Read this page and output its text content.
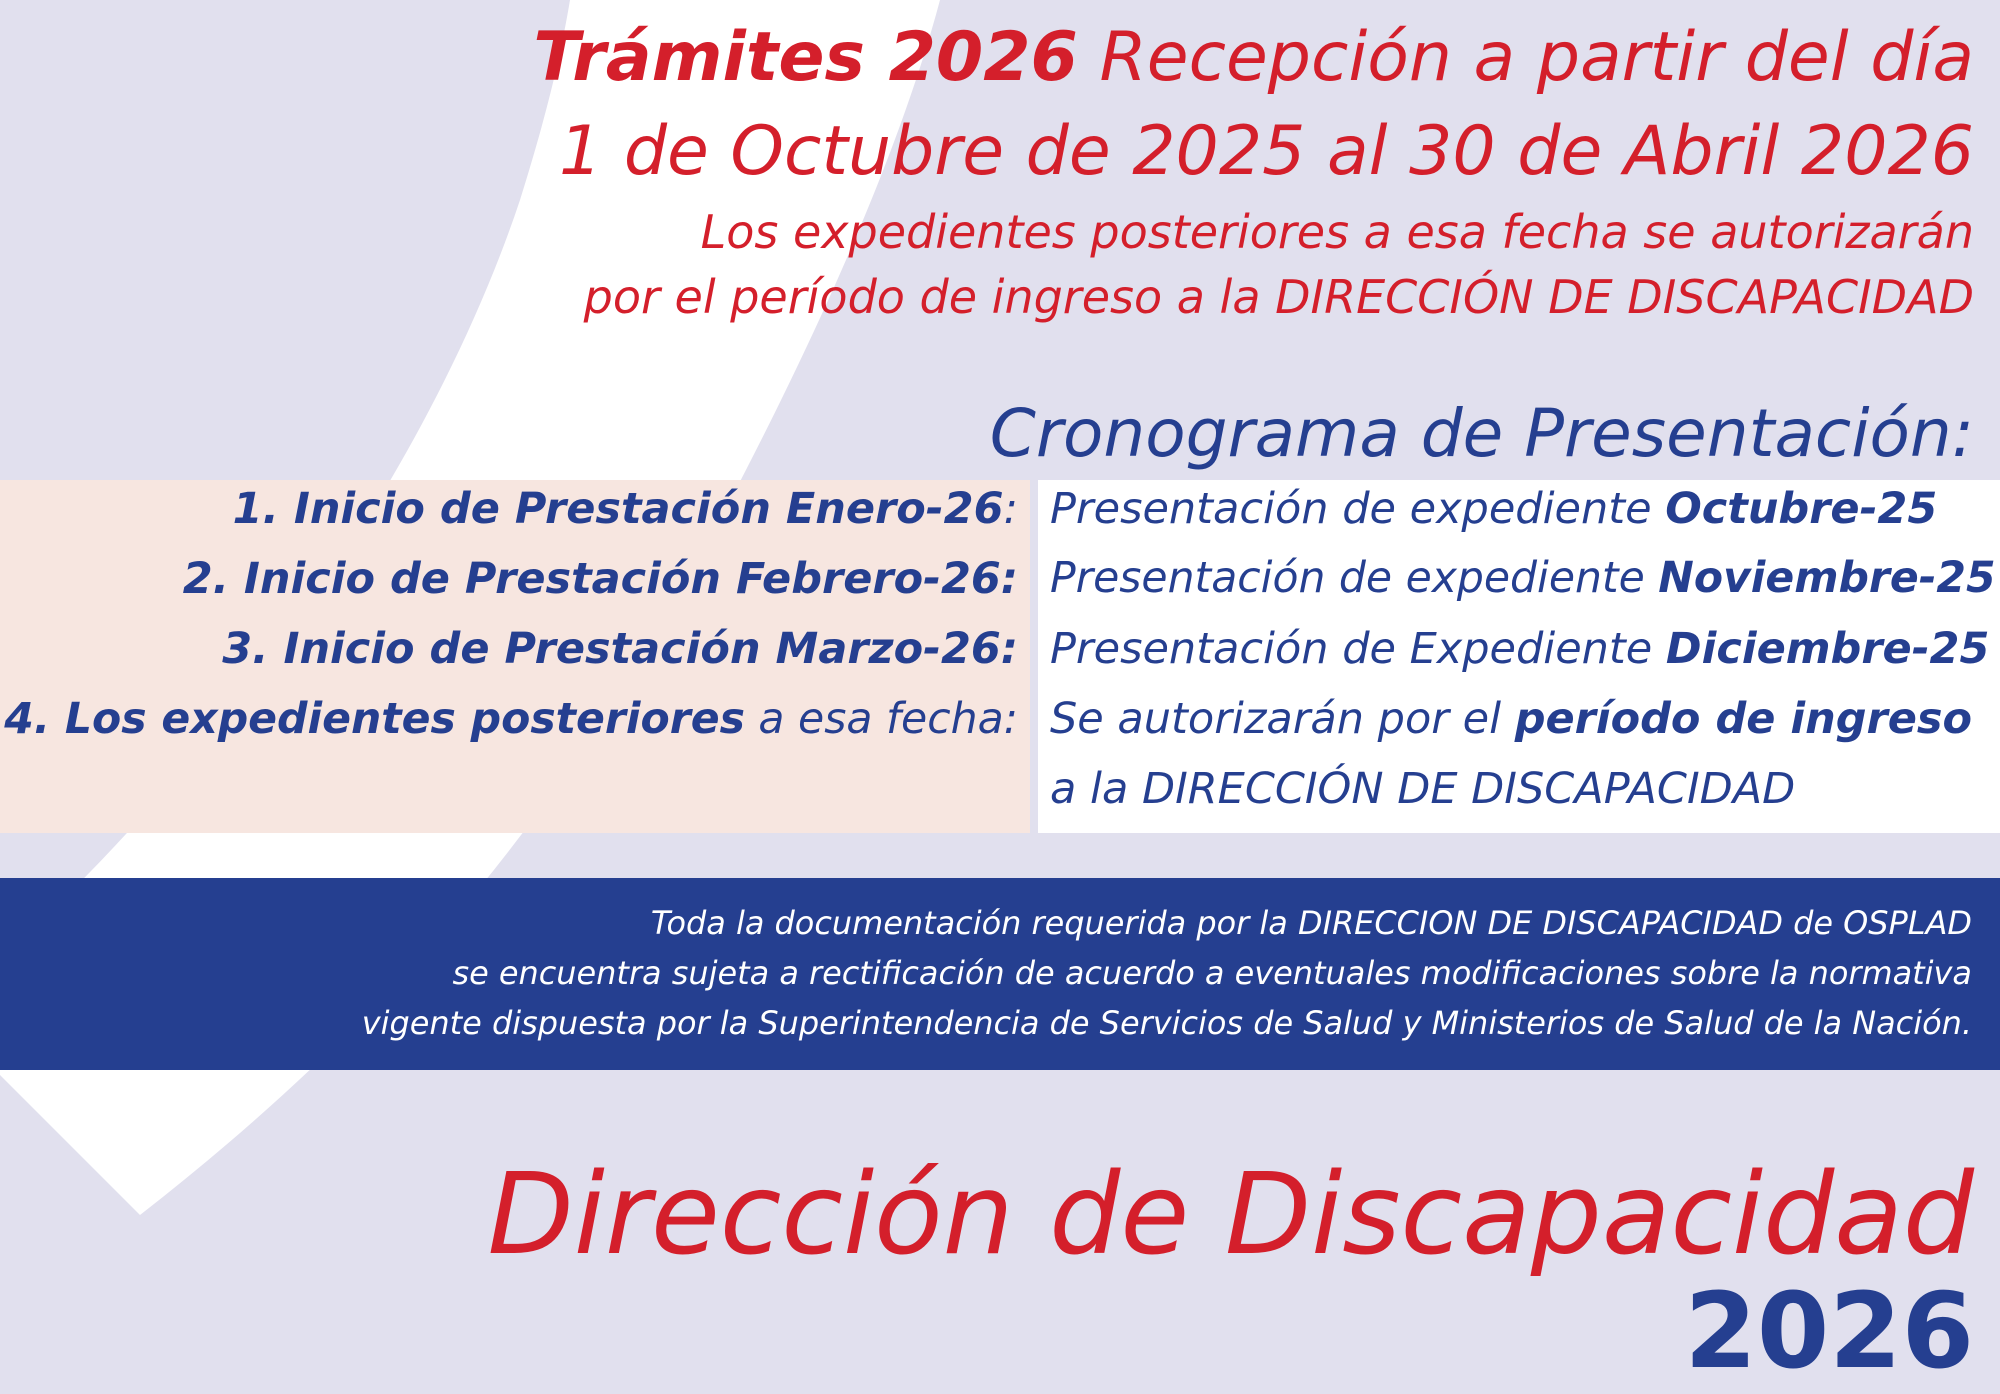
Trámites 2026 Recepción a partir del día
1 de Octubre de 2025 al 30 de Abril 2026
Los expedientes posteriores a esa fecha se autorizarán
por el período de ingreso a la DIRECCIÓN DE DISCAPACIDAD
Cronograma de Presentación:
1. Inicio de Prestación Enero-26: Presentación de expediente Octubre-25
2. Inicio de Prestación Febrero-26: Presentación de expediente Noviembre-25
3. Inicio de Prestación Marzo-26: Presentación de Expediente Diciembre-25
4. Los expedientes posteriores a esa fecha: Se autorizarán por el período de ingreso
a la DIRECCIÓN DE DISCAPACIDAD
Toda la documentación requerida por la DIRECCION DE DISCAPACIDAD de OSPLAD
se encuentra sujeta a rectificación de acuerdo a eventuales modificaciones sobre la normativa
vigente dispuesta por la Superintendencia de Servicios de Salud y Ministerios de Salud de la Nación.
Dirección de Discapacidad
2026
